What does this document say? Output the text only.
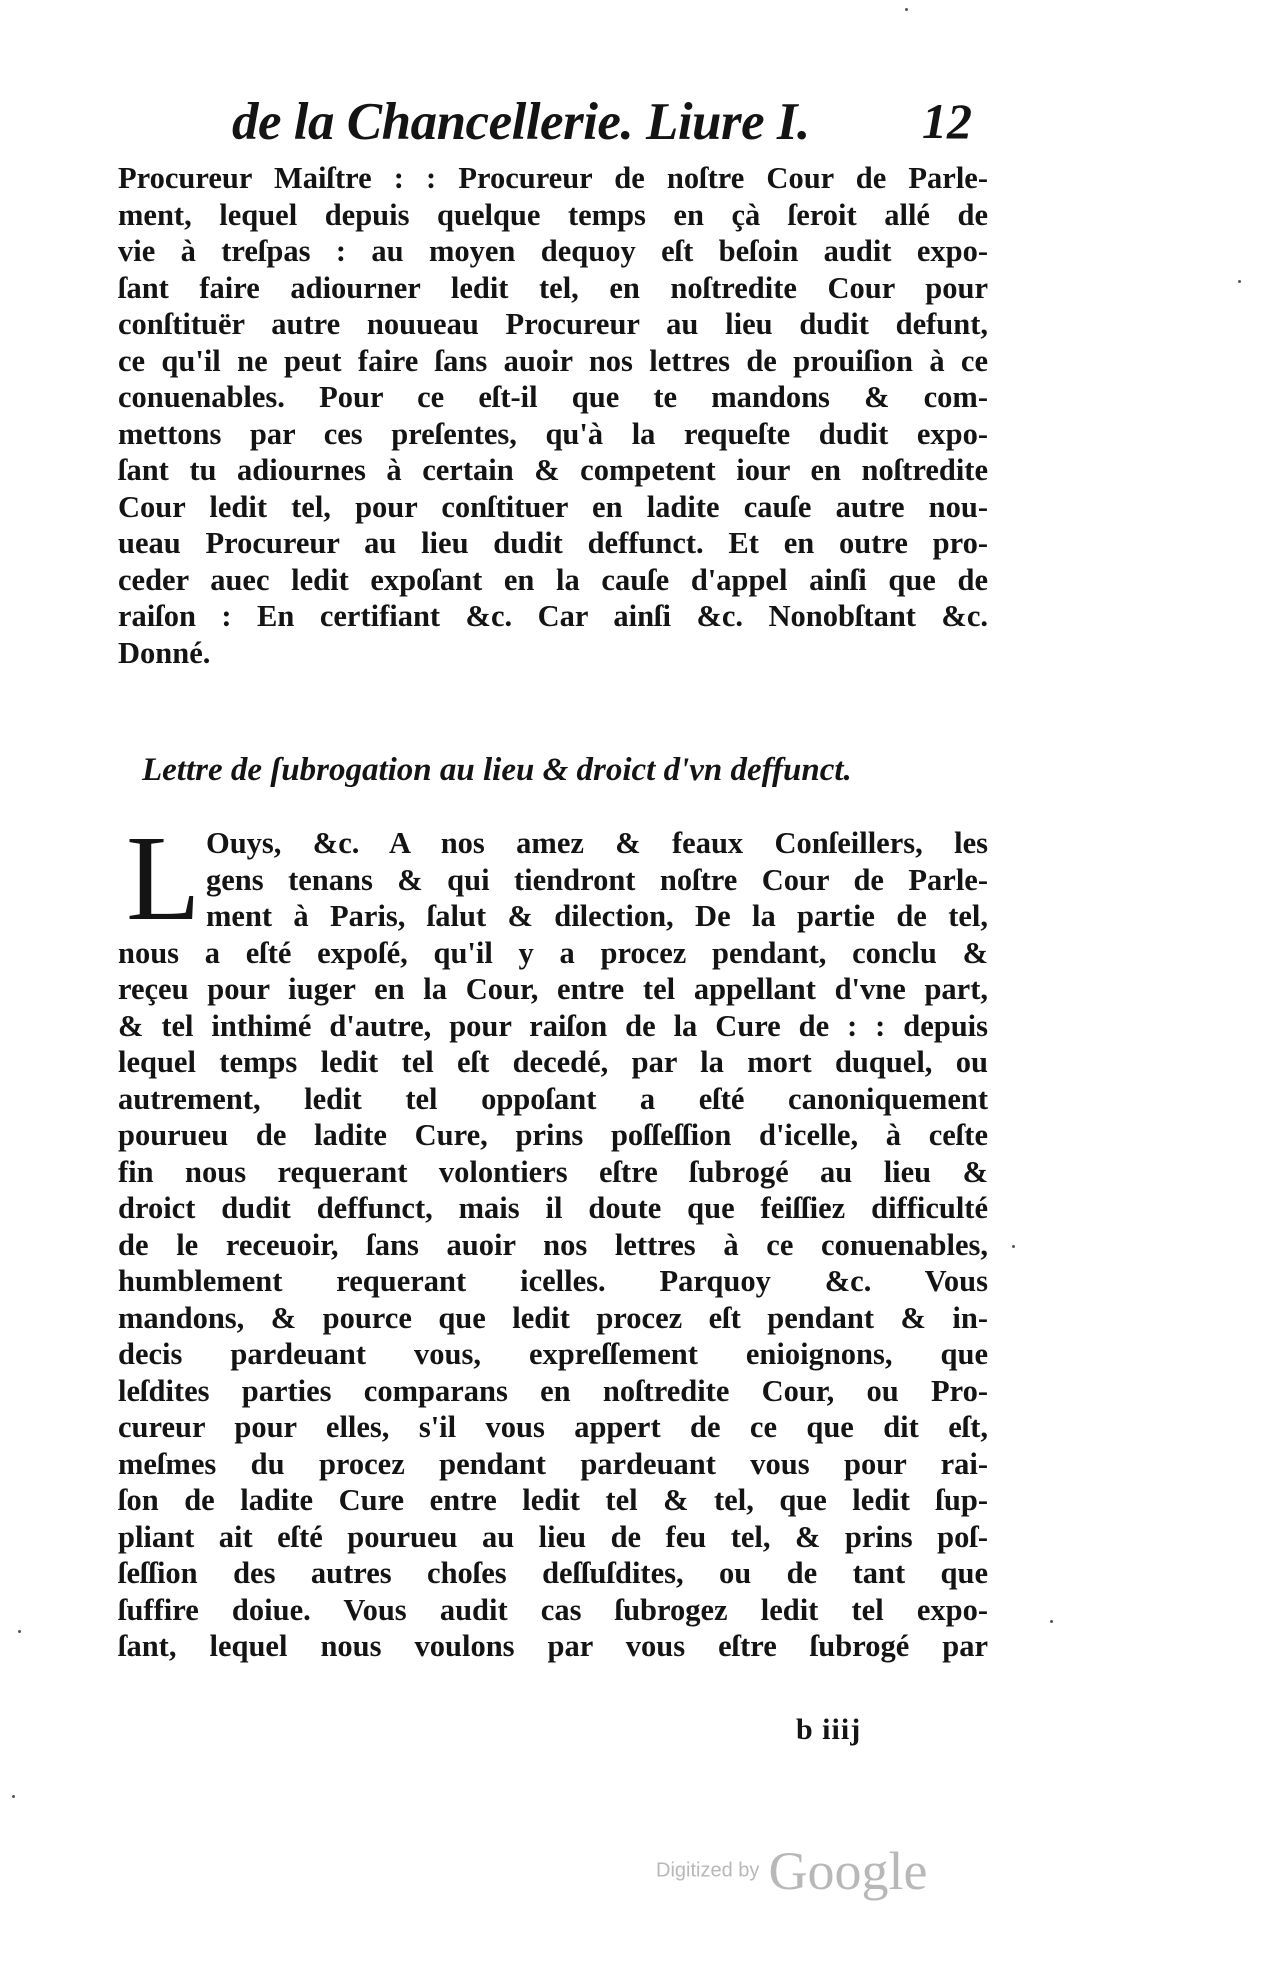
de la Chancellerie. Liure I. 12
Procureur Maiſtre : : Procureur de noſtre Cour de Parle-
ment, lequel depuis quelque temps en çà ſeroit allé de
vie à treſpas : au moyen dequoy eſt beſoin audit expo-
ſant faire adiourner ledit tel, en noſtredite Cour pour
conſtituër autre nouueau Procureur au lieu dudit defunt,
ce qu'il ne peut faire ſans auoir nos lettres de prouiſion à ce
conuenables. Pour ce eſt-il que te mandons & com-
mettons par ces preſentes, qu'à la requeſte dudit expo-
ſant tu adiournes à certain & competent iour en noſtredite
Cour ledit tel, pour conſtituer en ladite cauſe autre nou-
ueau Procureur au lieu dudit deffunct. Et en outre pro-
ceder auec ledit expoſant en la cauſe d'appel ainſi que de
raiſon : En certifiant &c. Car ainſi &c. Nonobſtant &c.
Donné.
Lettre de ſubrogation au lieu & droict d'vn deffunct.
L Ouys, &c. A nos amez & feaux Conſeillers, les
gens tenans & qui tiendront noſtre Cour de Parle-
ment à Paris, ſalut & dilection, De la partie de tel,
nous a eſté expoſé, qu'il y a procez pendant, conclu &
reçeu pour iuger en la Cour, entre tel appellant d'vne part,
& tel inthimé d'autre, pour raiſon de la Cure de : : depuis
lequel temps ledit tel eſt decedé, par la mort duquel, ou
autrement, ledit tel oppoſant a eſté canoniquement
pourueu de ladite Cure, prins poſſeſſion d'icelle, à ceſte
fin nous requerant volontiers eſtre ſubrogé au lieu &
droict dudit deffunct, mais il doute que feiſſiez difficulté
de le receuoir, ſans auoir nos lettres à ce conuenables,
humblement requerant icelles. Parquoy &c. Vous
mandons, & pource que ledit procez eſt pendant & in-
decis pardeuant vous, expreſſement enioignons, que
leſdites parties comparans en noſtredite Cour, ou Pro-
cureur pour elles, s'il vous appert de ce que dit eſt,
meſmes du procez pendant pardeuant vous pour rai-
ſon de ladite Cure entre ledit tel & tel, que ledit ſup-
pliant ait eſté pourueu au lieu de feu tel, & prins poſ-
ſeſſion des autres choſes deſſuſdites, ou de tant que
ſuffire doiue. Vous audit cas ſubrogez ledit tel expo-
ſant, lequel nous voulons par vous eſtre ſubrogé par
b iiij
Digitized by Google
